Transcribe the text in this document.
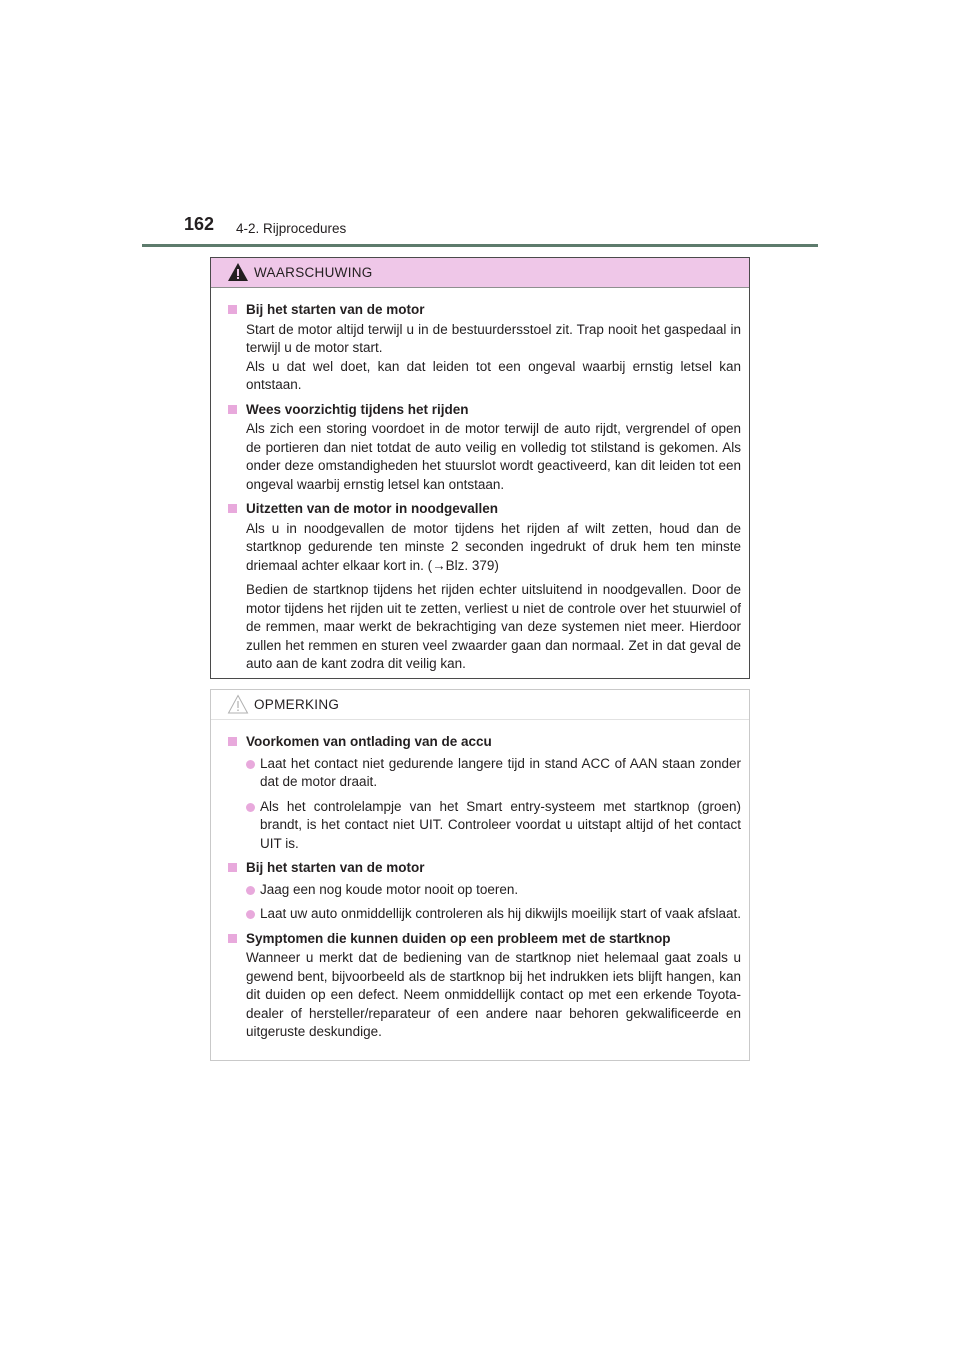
162 4-2. Rijprocedures
WAARSCHUWING
Bij het starten van de motor
Start de motor altijd terwijl u in de bestuurdersstoel zit. Trap nooit het gaspedaal in terwijl u de motor start.
Als u dat wel doet, kan dat leiden tot een ongeval waarbij ernstig letsel kan ontstaan.
Wees voorzichtig tijdens het rijden
Als zich een storing voordoet in de motor terwijl de auto rijdt, vergrendel of open de portieren dan niet totdat de auto veilig en volledig tot stilstand is gekomen. Als onder deze omstandigheden het stuurslot wordt geactiveerd, kan dit leiden tot een ongeval waarbij ernstig letsel kan ontstaan.
Uitzetten van de motor in noodgevallen
Als u in noodgevallen de motor tijdens het rijden af wilt zetten, houd dan de startknop gedurende ten minste 2 seconden ingedrukt of druk hem ten minste driemaal achter elkaar kort in. (→Blz. 379)
Bedien de startknop tijdens het rijden echter uitsluitend in noodgevallen. Door de motor tijdens het rijden uit te zetten, verliest u niet de controle over het stuurwiel of de remmen, maar werkt de bekrachtiging van deze systemen niet meer. Hierdoor zullen het remmen en sturen veel zwaarder gaan dan normaal. Zet in dat geval de auto aan de kant zodra dit veilig kan.
OPMERKING
Voorkomen van ontlading van de accu
Laat het contact niet gedurende langere tijd in stand ACC of AAN staan zonder dat de motor draait.
Als het controlelampje van het Smart entry-systeem met startknop (groen) brandt, is het contact niet UIT. Controleer voordat u uitstapt altijd of het contact UIT is.
Bij het starten van de motor
Jaag een nog koude motor nooit op toeren.
Laat uw auto onmiddellijk controleren als hij dikwijls moeilijk start of vaak afslaat.
Symptomen die kunnen duiden op een probleem met de startknop
Wanneer u merkt dat de bediening van de startknop niet helemaal gaat zoals u gewend bent, bijvoorbeeld als de startknop bij het indrukken iets blijft hangen, kan dit duiden op een defect. Neem onmiddellijk contact op met een erkende Toyota-dealer of hersteller/reparateur of een andere naar behoren gekwalificeerde en uitgeruste deskundige.
